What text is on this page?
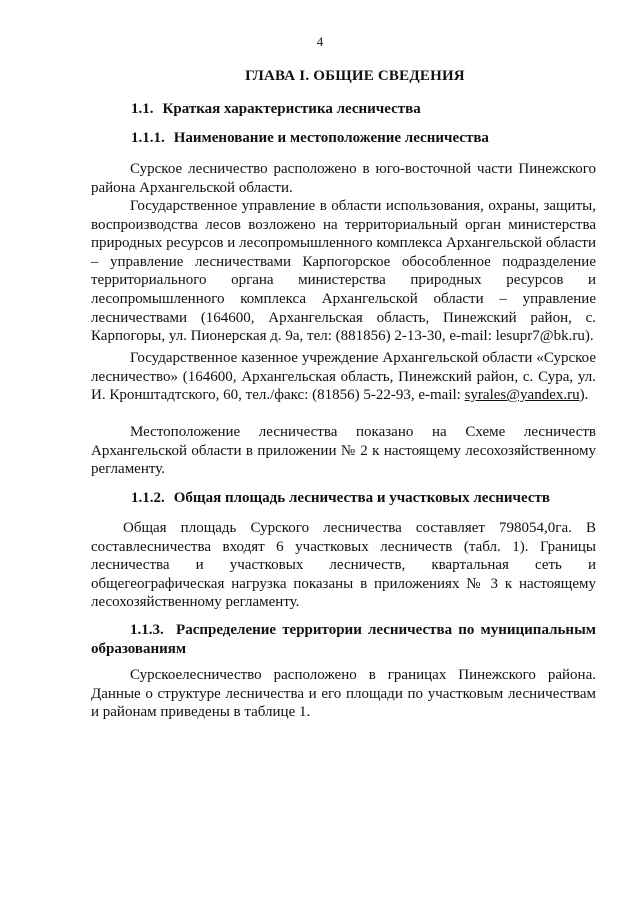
4
ГЛАВА I. ОБЩИЕ СВЕДЕНИЯ
1.1. Краткая характеристика лесничества
1.1.1. Наименование и местоположение лесничества

Сурское лесничество расположено в юго-восточной части Пинежского района Архангельской области.

Государственное управление в области использования, охраны, защиты, воспроизводства лесов возложено на территориальный орган министерства природных ресурсов и лесопромышленного комплекса Архангельской области – управление лесничествами Карпогорское обособленное подразделение территориального органа министерства природных ресурсов и лесопромышленного комплекса Архангельской области – управление лесничествами (164600, Архангельская область, Пинежский район, с. Карпогоры, ул. Пионерская д. 9а, тел: (881856) 2-13-30, e-mail: lesupr7@bk.ru).

Государственное казенное учреждение Архангельской области «Сурское лесничество» (164600, Архангельская область, Пинежский район, с. Сура, ул. И. Кронштадтского, 60, тел./факс: (81856) 5-22-93, e-mail: syrales@yandex.ru).

Местоположение лесничества показано на Схеме лесничеств Архангельской области в приложении № 2 к настоящему лесохозяйственному регламенту.

1.1.2. Общая площадь лесничества и участковых лесничеств

Общая площадь Сурского лесничества составляет 798054,0га. В составлесничества входят 6 участковых лесничеств (табл. 1). Границы лесничества и участковых лесничеств, квартальная сеть и общегеографическая нагрузка показаны в приложениях № 3 к настоящему лесохозяйственному регламенту.

1.1.3. Распределение территории лесничества по муниципальным образованиям

Сурскоелесничество расположено в границах Пинежского района. Данные о структуре лесничества и его площади по участковым лесничествам и районам приведены в таблице 1.
